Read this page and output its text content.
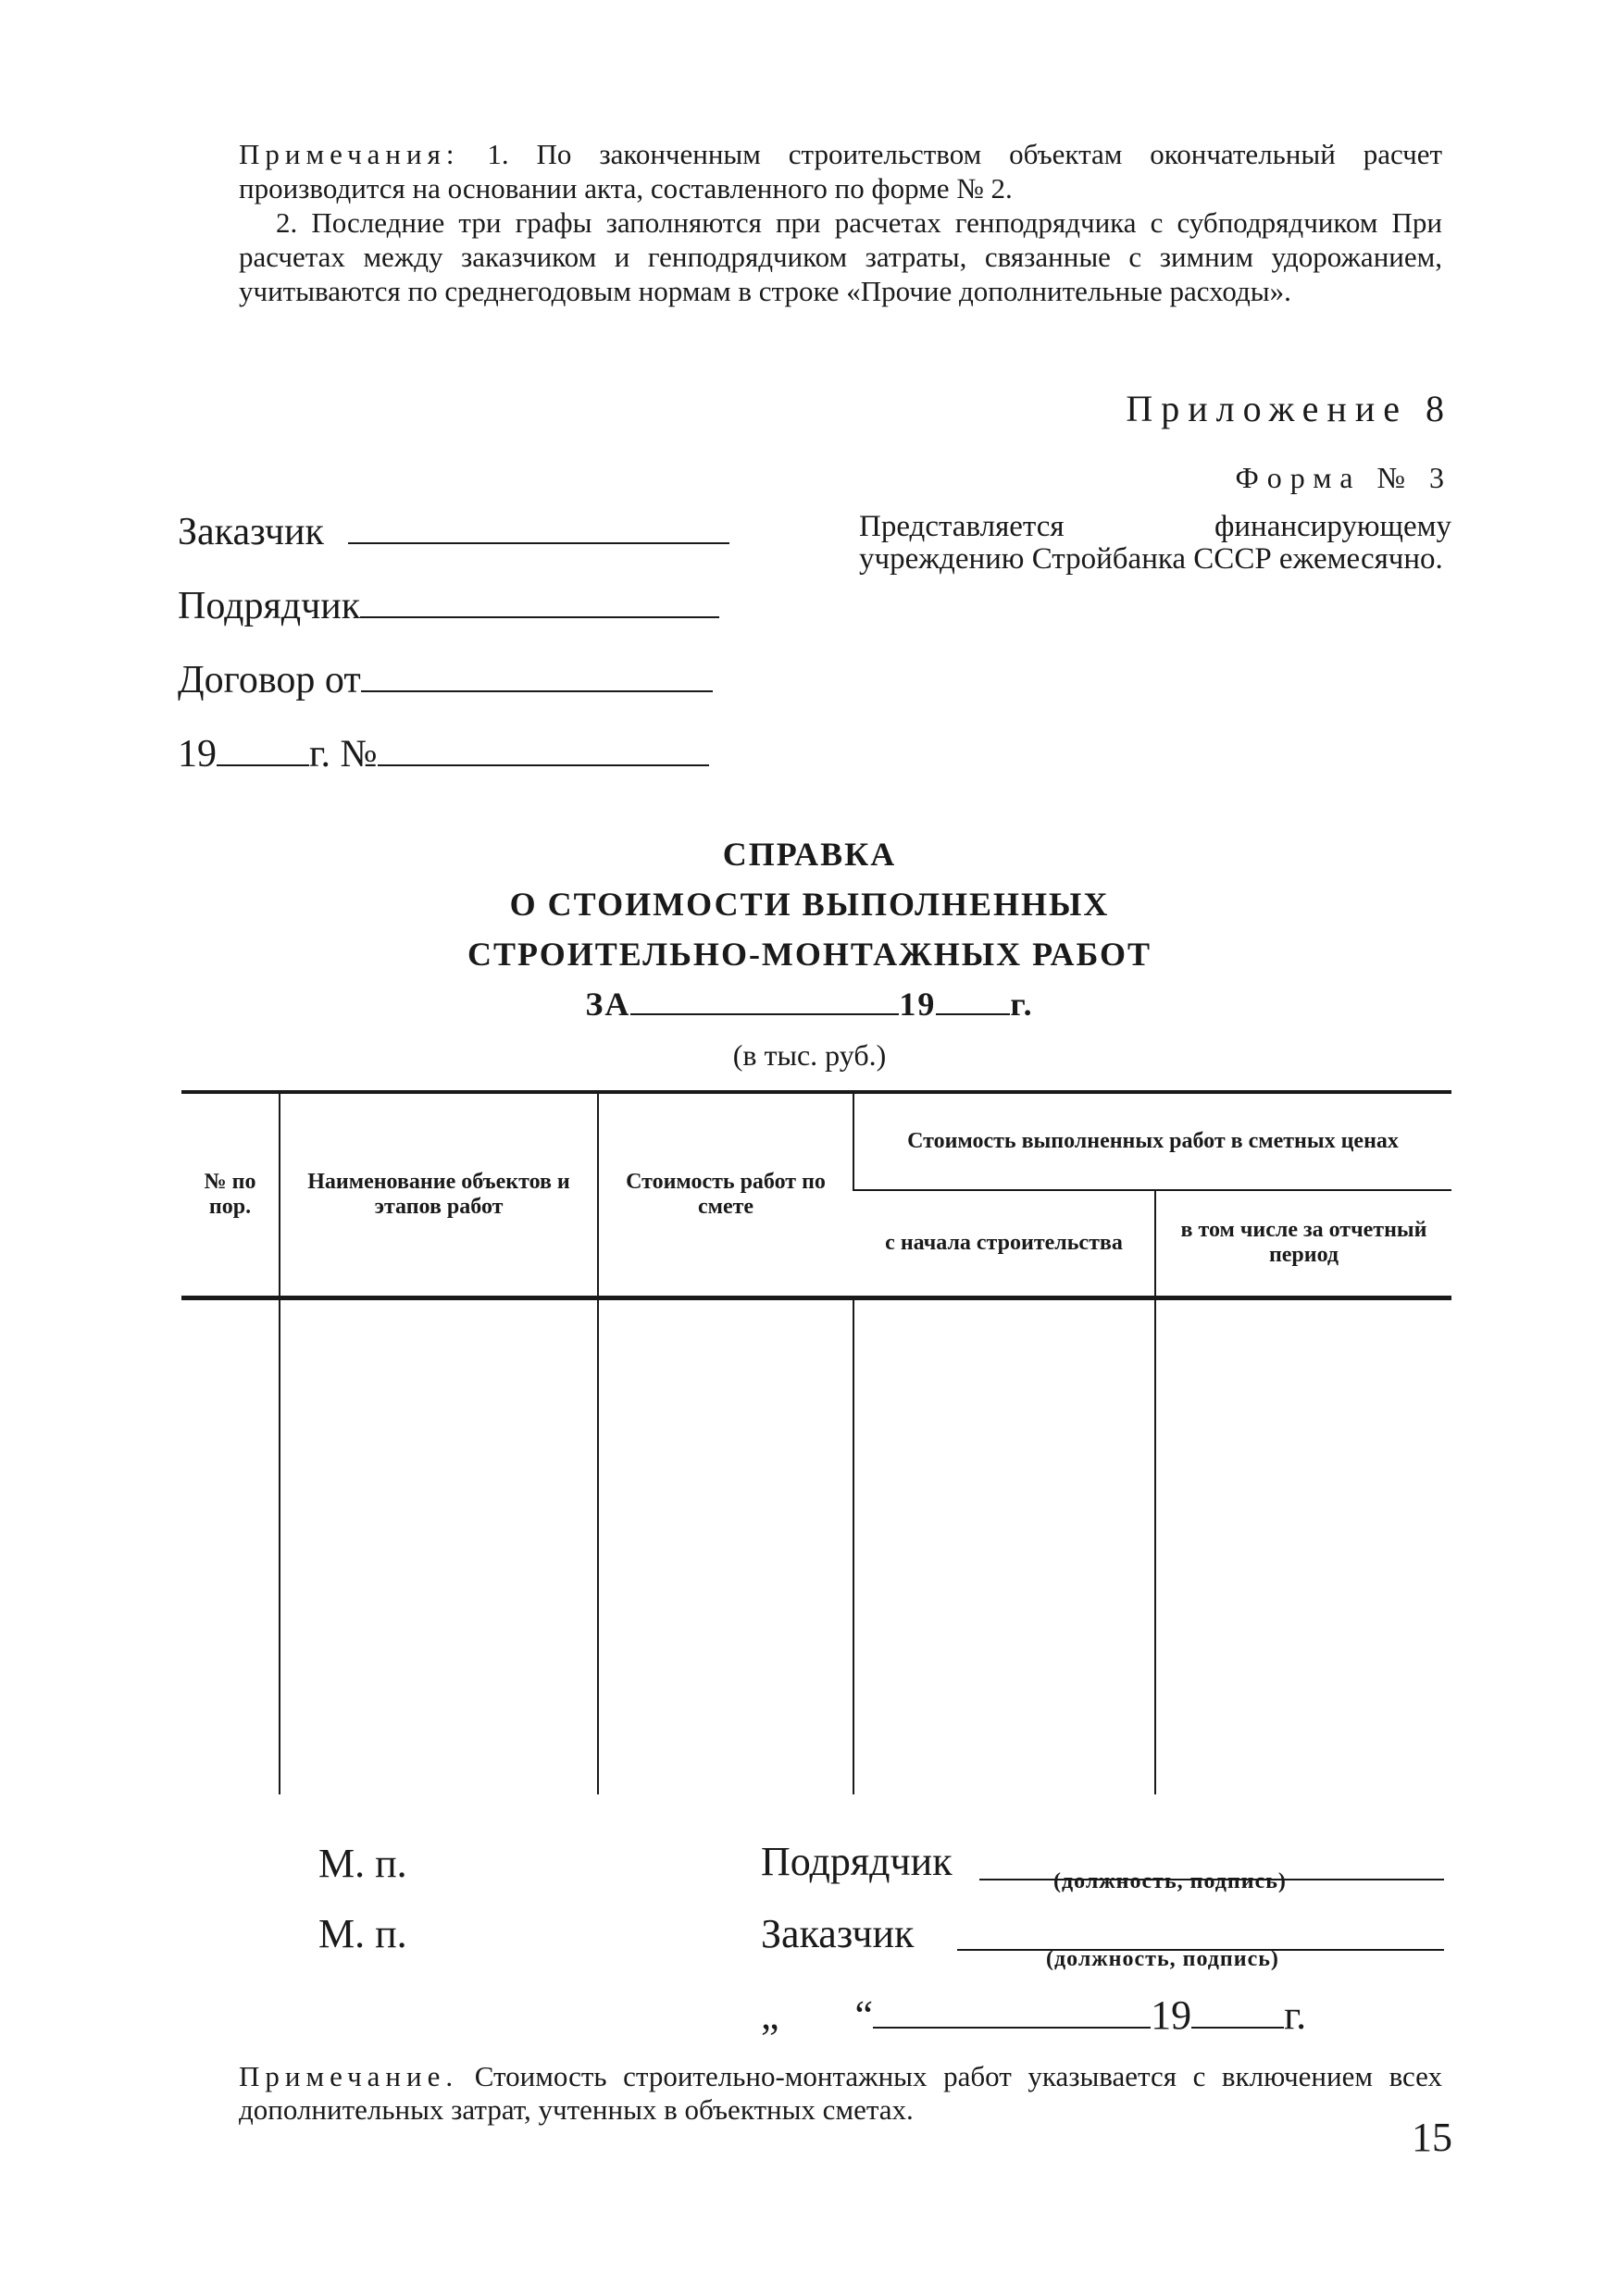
Примечания: 1. По законченным строительством объектам окончательный расчет производится на основании акта, составленного по форме № 2.

2. Последние три графы заполняются при расчетах генподрядчика с субподрядчиком При расчетах между заказчиком и генподрядчиком затраты, связанные с зимним удорожанием, учитываются по среднегодовым нормам в строке «Прочие дополнительные расходы».

Приложение 8
Форма № 3
Представляется финансирующему учреждению Стройбанка СССР ежемесячно.
Заказчик
Подрядчик
Договор от
19 г. №
СПРАВКА
О СТОИМОСТИ ВЫПОЛНЕННЫХ
СТРОИТЕЛЬНО-МОНТАЖНЫХ РАБОТ
ЗА	19 г.
(в тыс. руб.)
№ по пор.	Наименование объектов и этапов работ	Стоимость работ по смете	Стоимость выполненных работ в сметных ценах	
			с начала строительства	в том числе за отчетный период

М. п.
М. п.
Подрядчик	(должность, подпись)
Заказчик
(должность, подпись)
„ “	19 г.
Примечание. Стоимость строительно-монтажных работ указывается с включением всех дополнительных затрат, учтенных в объектных сметах.
15
